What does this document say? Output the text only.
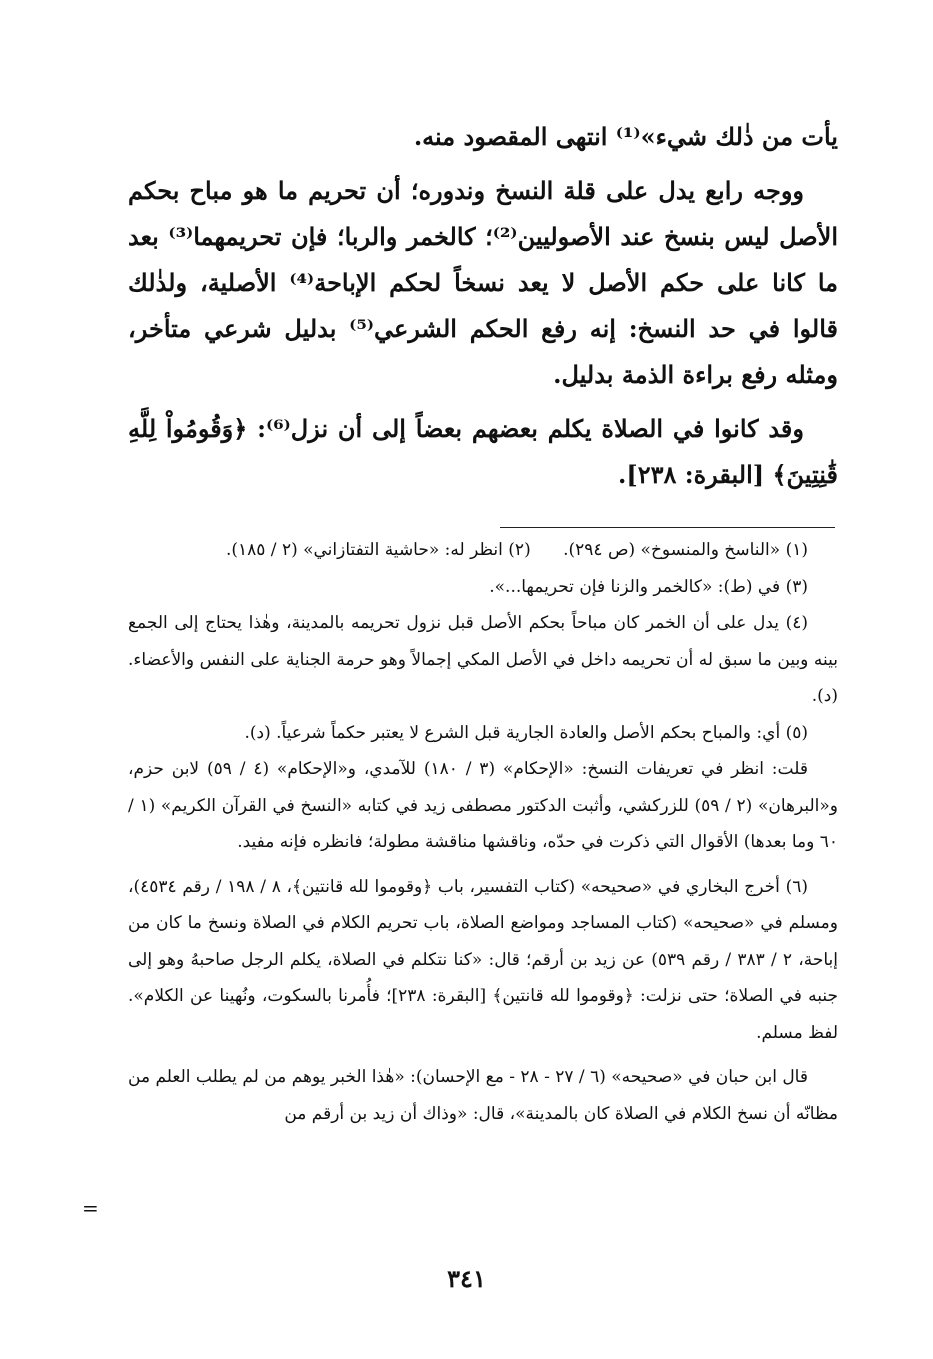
يأت من ذٰلك شيء»⁽¹⁾ انتهى المقصود منه.

ووجه رابع يدل على قلة النسخ وندوره؛ أن تحريم ما هو مباح بحكم الأصل ليس بنسخ عند الأصوليين⁽²⁾؛ كالخمر والربا؛ فإن تحريمهما⁽³⁾ بعد ما كانا على حكم الأصل لا يعد نسخاً لحكم الإباحة⁽⁴⁾ الأصلية، ولذٰلك قالوا في حد النسخ: إنه رفع الحكم الشرعي⁽⁵⁾ بدليل شرعي متأخر، ومثله رفع براءة الذمة بدليل.

وقد كانوا في الصلاة يكلم بعضهم بعضاً إلى أن نزل⁽⁶⁾: ﴿وَقُومُواْ لِلَّهِ قَٰنِتِينَ﴾ [البقرة: ٢٣٨].

(١) «الناسخ والمنسوخ» (ص ٢٩٤).      (٢) انظر له: «حاشية التفتازاني» (٢ / ١٨٥).

(٣) في (ط): «كالخمر والزنا فإن تحريمها...».

(٤) يدل على أن الخمر كان مباحاً بحكم الأصل قبل نزول تحريمه بالمدينة، وهٰذا يحتاج إلى الجمع بينه وبين ما سبق له أن تحريمه داخل في الأصل المكي إجمالاً وهو حرمة الجناية على النفس والأعضاء. (د).

(٥) أي: والمباح بحكم الأصل والعادة الجارية قبل الشرع لا يعتبر حكماً شرعياً. (د).

قلت: انظر في تعريفات النسخ: «الإحكام» (٣ / ١٨٠) للآمدي، و«الإحكام» (٤ / ٥٩) لابن حزم، و«البرهان» (٢ / ٥٩) للزركشي، وأثبت الدكتور مصطفى زيد في كتابه «النسخ في القرآن الكريم» (١ / ٦٠ وما بعدها) الأقوال التي ذكرت في حدّه، وناقشها مناقشة مطولة؛ فانظره فإنه مفيد.

(٦) أخرج البخاري في «صحيحه» (كتاب التفسير، باب ﴿وقوموا لله قانتين﴾، ٨ / ١٩٨ / رقم ٤٥٣٤)، ومسلم في «صحيحه» (كتاب المساجد ومواضع الصلاة، باب تحريم الكلام في الصلاة ونسخ ما كان من إباحة، ٢ / ٣٨٣ / رقم ٥٣٩) عن زيد بن أرقم؛ قال: «كنا نتكلم في الصلاة، يكلم الرجل صاحبهُ وهو إلى جنبه في الصلاة؛ حتى نزلت: ﴿وقوموا لله قانتين﴾ [البقرة: ٢٣٨]؛ فأُمرنا بالسكوت، ونُهينا عن الكلام». لفظ مسلم.

قال ابن حبان في «صحيحه» (٦ / ٢٧ - ٢٨ - مع الإحسان): «هٰذا الخبر يوهم من لم يطلب العلم من مظانّه أن نسخ الكلام في الصلاة كان بالمدينة»، قال: «وذاك أن زيد بن أرقم من

=
٣٤١
